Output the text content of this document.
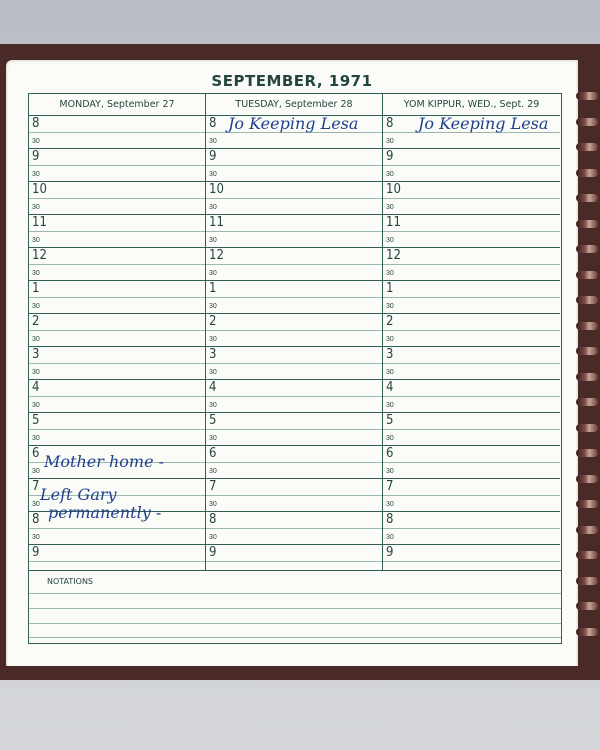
SEPTEMBER, 1971
MONDAY, September 27
8
30
9
30
10
30
11
30
12
30
1
30
2
30
3
30
4
30
5
30
6
30
7
30
8
30
9
TUESDAY, September 28
8
30
9
30
10
30
11
30
12
30
1
30
2
30
3
30
4
30
5
30
6
30
7
30
8
30
9
YOM KIPPUR, WED., Sept. 29
8
30
9
30
10
30
11
30
12
30
1
30
2
30
3
30
4
30
5
30
6
30
7
30
8
30
9
Jo Keeping Lesa	Jo Keeping Lesa
Mother home -
Left Gary
permanently -
NOTATIONS
